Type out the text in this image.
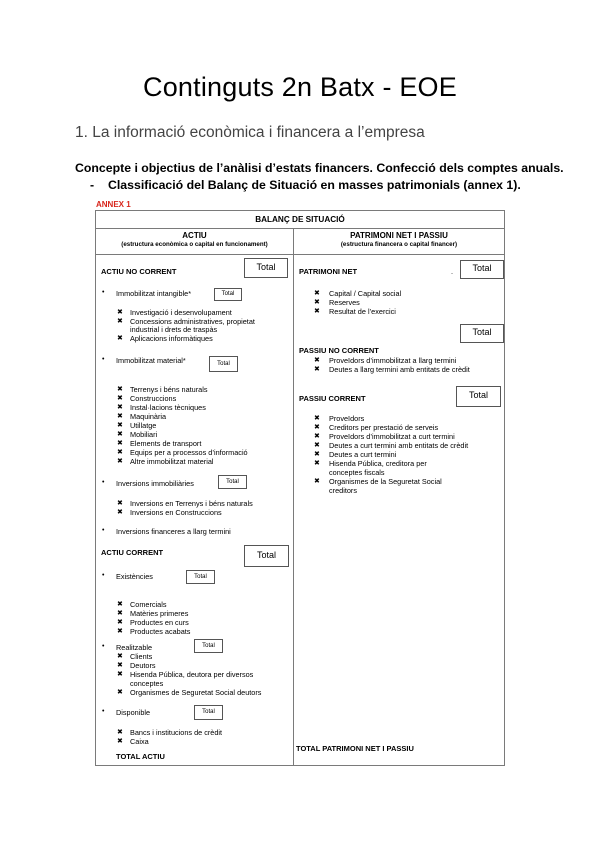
Continguts 2n Batx - EOE
1. La informació econòmica i financera a l’empresa
Concepte i objectius de l’anàlisi d’estats financers. Confecció dels comptes anuals.
- Classificació del Balanç de Situació en masses patrimonials (annex 1).
ANNEX 1
BALANÇ DE SITUACIÓ
ACTIU
(estructura econòmica o capital en funcionament)
PATRIMONI NET I PASSIU
(estructura financera o capital financer)
ACTIU NO CORRENT	Total
• Immobilitzat intangible*	Total
✖ Investigació i desenvolupament
✖ Concessions administratives, propietat
industrial i drets de traspàs
✖ Aplicacions informàtiques
• Immobilitzat material*	Total
✖ Terrenys i béns naturals
✖ Construccions
✖ Instal·lacions tècniques
✖ Maquinària
✖ Utillatge
✖ Mobiliari
✖ Elements de transport
✖ Equips per a processos d’informació
✖ Altre immobilitzat material
• Inversions immobiliàries	Total
✖ Inversions en Terrenys i béns naturals
✖ Inversions en Construccions
• Inversions financeres a llarg termini
ACTIU CORRENT	Total
• Existències	Total
✖ Comercials
✖ Matèries primeres
✖ Productes en curs
✖ Productes acabats
• Realitzable	Total
✖ Clients
✖ Deutors
✖ Hisenda Pública, deutora per diversos
conceptes
✖ Organismes de Seguretat Social deutors
• Disponible	Total
✖ Bancs i institucions de crèdit
✖ Caixa
TOTAL ACTIU
PATRIMONI NET	.	Total
✖ Capital / Capital social
✖ Reserves
✖ Resultat de l’exercici
Total
PASSIU NO CORRENT
✖ Proveïdors d’immobilitzat a llarg termini
✖ Deutes a llarg termini amb entitats de crèdit
PASSIU CORRENT	Total
✖ Proveïdors
✖ Creditors per prestació de serveis
✖ Proveïdors d’immobilitzat a curt termini
✖ Deutes a curt termini amb entitats de crèdit
✖ Deutes a curt termini
✖ Hisenda Pública, creditora per
conceptes fiscals
✖ Organismes de la Seguretat Social
creditors
TOTAL PATRIMONI NET I PASSIU
